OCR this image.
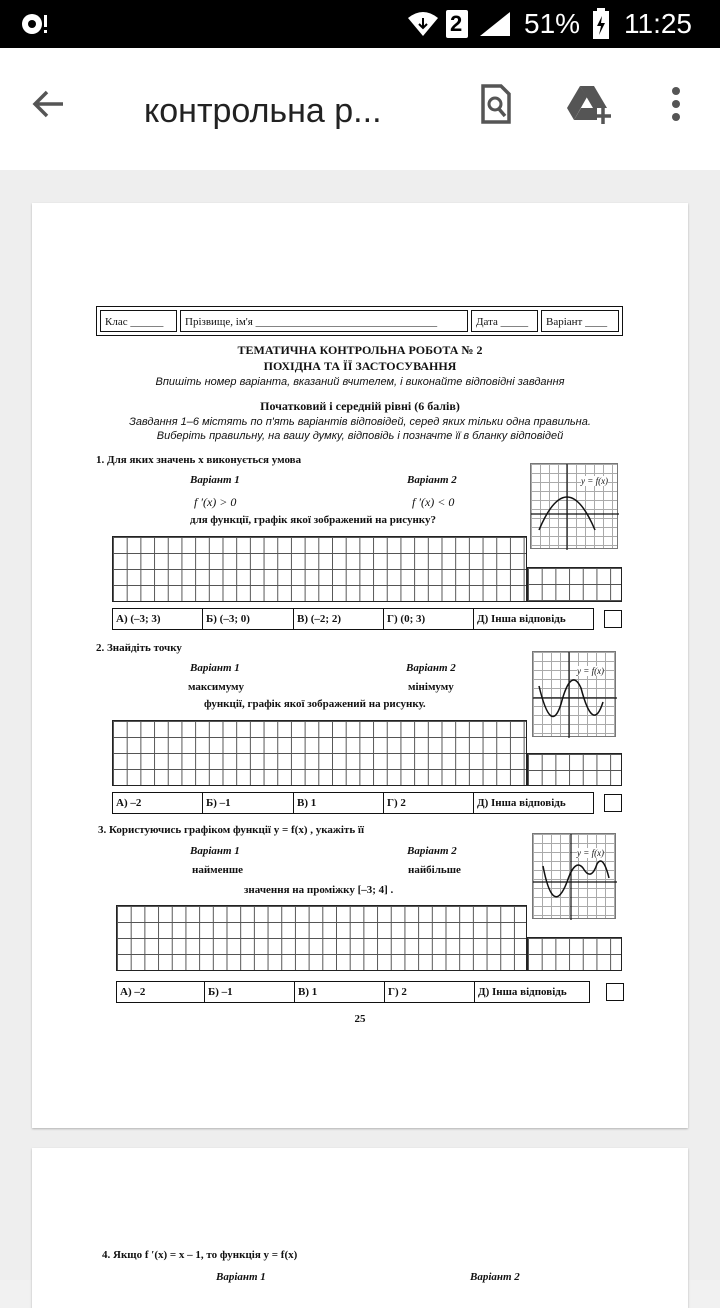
2 51% 11:25
контрольна р...
Клас ______	Прізвище, ім'я _________________________________	Дата _____	Варіант ____
ТЕМАТИЧНА КОНТРОЛЬНА РОБОТА № 2
ПОХІДНА ТА ЇЇ ЗАСТОСУВАННЯ
Впишіть номер варіанта, вказаний вчителем, і виконайте відповідні завдання
Початковий і середній рівні (6 балів)
Завдання 1–6 містять по п'ять варіантів відповідей, серед яких тільки одна правильна.
Виберіть правильну, на вашу думку, відповідь і позначте її в бланку відповідей
1. Для яких значень x виконується умова
Варіант 1	Варіант 2
f ′(x) > 0	f ′(x) < 0
для функції, графік якої зображений на рисунку?
y = f(x)
А) (–3; 3)	Б) (–3; 0)	В) (–2; 2)	Г) (0; 3)	Д) Інша відповідь
2. Знайдіть точку
Варіант 1	Варіант 2
максимуму	мінімуму
функції, графік якої зображений на рисунку.
y = f(x)
А) –2	Б) –1	В) 1	Г) 2	Д) Інша відповідь
3. Користуючись графіком функції y = f(x) , укажіть її
Варіант 1	Варіант 2
найменше	найбільше
значення на проміжку [–3; 4] .
y = f(x)
А) –2	Б) –1	В) 1	Г) 2	Д) Інша відповідь
25
4. Якщо f ′(x) = x – 1, то функція y = f(x)
Варіант 1	Варіант 2
